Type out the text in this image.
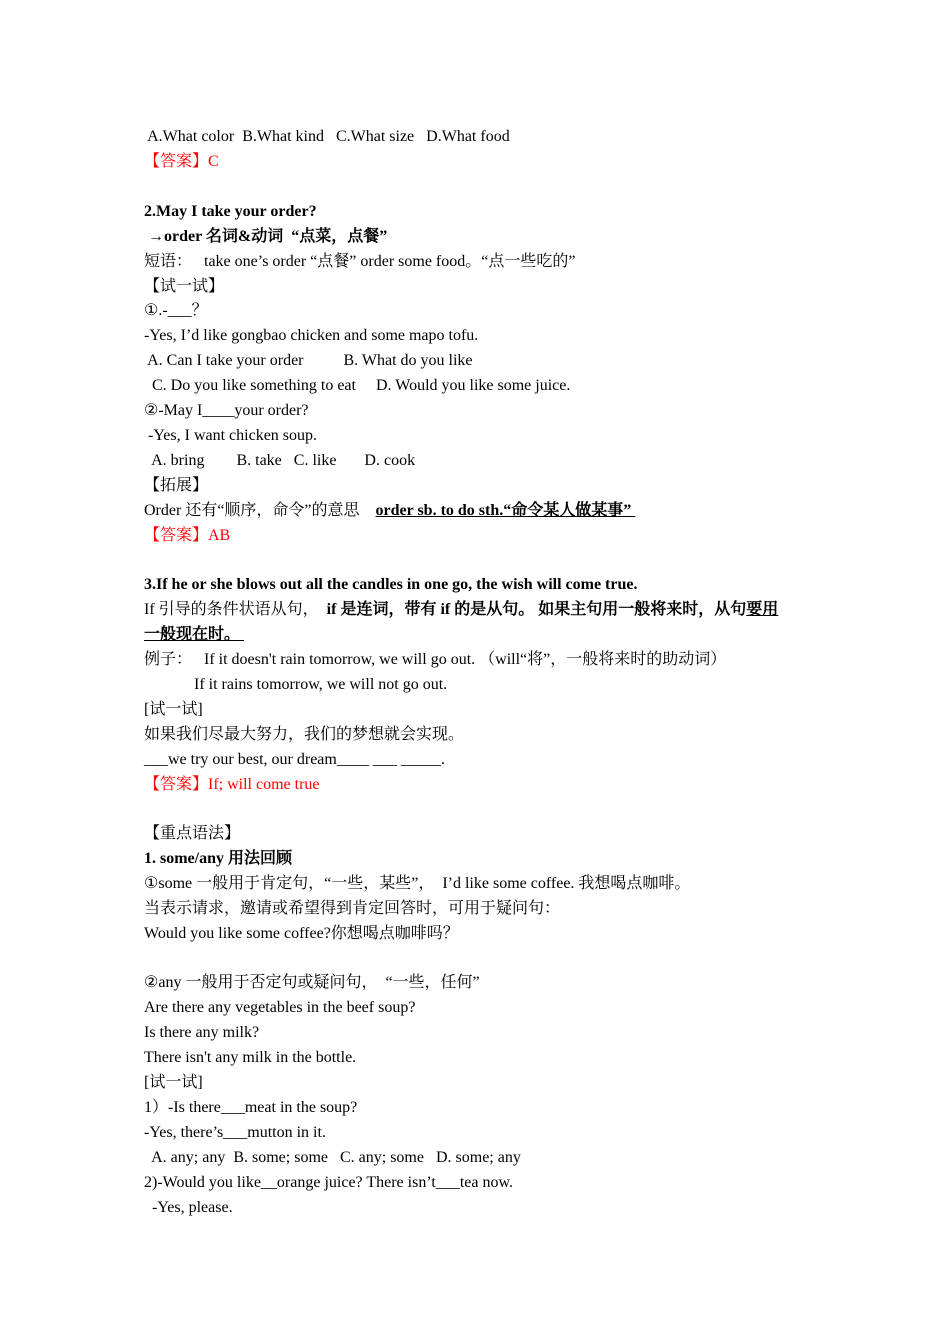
A.What color  B.What kind   C.What size   D.What food
【答案】C
2.May I take your order?
→order 名词&动词  “点菜，点餐”
短语：   take one’s order “点餐” order some food。“点一些吃的”
【试一试】
①.-___？
-Yes, I’d like gongbao chicken and some mapo tofu.
A. Can I take your order          B. What do you like
C. Do you like something to eat     D. Would you like some juice.
②-May I____your order?
-Yes, I want chicken soup.
A. bring        B. take   C. like       D. cook
【拓展】
Order 还有“顺序，命令”的意思    order sb. to do sth.“命令某人做某事”
【答案】AB
3.If he or she blows out all the candles in one go, the wish will come true.
If 引导的条件状语从句，  if 是连词，带有 if 的是从句。 如果主句用一般将来时，从句要用
一般现在时。
例子：   If it doesn't rain tomorrow, we will go out. （will“将”，一般将来时的助动词）
If it rains tomorrow, we will not go out.
[试一试]
如果我们尽最大努力，我们的梦想就会实现。
___we try our best, our dream____ ___ _____.
【答案】If; will come true
【重点语法】
1. some/any 用法回顾
①some 一般用于肯定句，“一些，某些”，  I’d like some coffee. 我想喝点咖啡。
当表示请求，邀请或希望得到肯定回答时，可用于疑问句：
Would you like some coffee?你想喝点咖啡吗？
②any 一般用于否定句或疑问句，  “一些，任何”
Are there any vegetables in the beef soup?
Is there any milk?
There isn't any milk in the bottle.
[试一试]
1）-Is there___meat in the soup?
-Yes, there’s___mutton in it.
A. any; any  B. some; some   C. any; some   D. some; any
2)-Would you like__orange juice? There isn’t___tea now.
-Yes, please.
